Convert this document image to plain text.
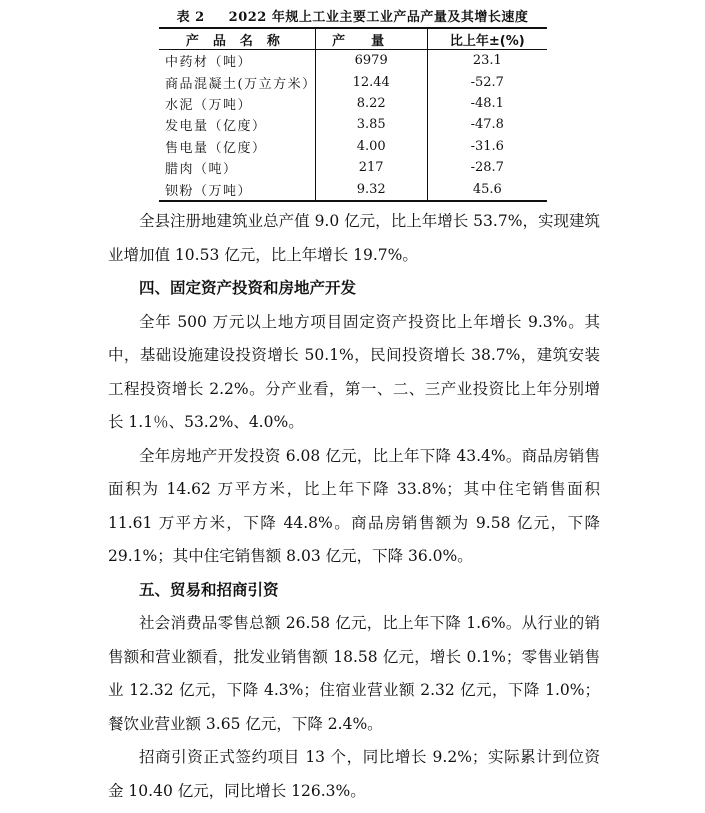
表 2 2022 年规上工业主要工业产品产量及其增长速度
产品名称	产量	比上年±(%)
中药材（吨）	6979	23.1
商品混凝土(万立方米）	12.44	-52.7
水泥（万吨）	8.22	-48.1
发电量（亿度）	3.85	-47.8
售电量（亿度）	4.00	-31.6
腊肉（吨）	217	-28.7
钡粉（万吨）	9.32	45.6

全县注册地建筑业总产值 9.0 亿元，比上年增长 53.7%，实现建筑业增加值 10.53 亿元，比上年增长 19.7%。

四、固定资产投资和房地产开发

全年 500 万元以上地方项目固定资产投资比上年增长 9.3%。其中，基础设施建设投资增长 50.1%，民间投资增长 38.7%，建筑安装工程投资增长 2.2%。分产业看，第一、二、三产业投资比上年分别增长 1.1％、53.2%、4.0%。

全年房地产开发投资 6.08 亿元，比上年下降 43.4%。商品房销售面积为 14.62 万平方米，比上年下降 33.8%；其中住宅销售面积 11.61 万平方米，下降 44.8%。商品房销售额为 9.58 亿元，下降 29.1%；其中住宅销售额 8.03 亿元，下降 36.0%。

五、贸易和招商引资

社会消费品零售总额 26.58 亿元，比上年下降 1.6%。从行业的销售额和营业额看，批发业销售额 18.58 亿元，增长 0.1%；零售业销售业 12.32 亿元，下降 4.3%；住宿业营业额 2.32 亿元，下降 1.0%；餐饮业营业额 3.65 亿元，下降 2.4%。

招商引资正式签约项目 13 个，同比增长 9.2%；实际累计到位资金 10.40 亿元，同比增长 126.3%。
